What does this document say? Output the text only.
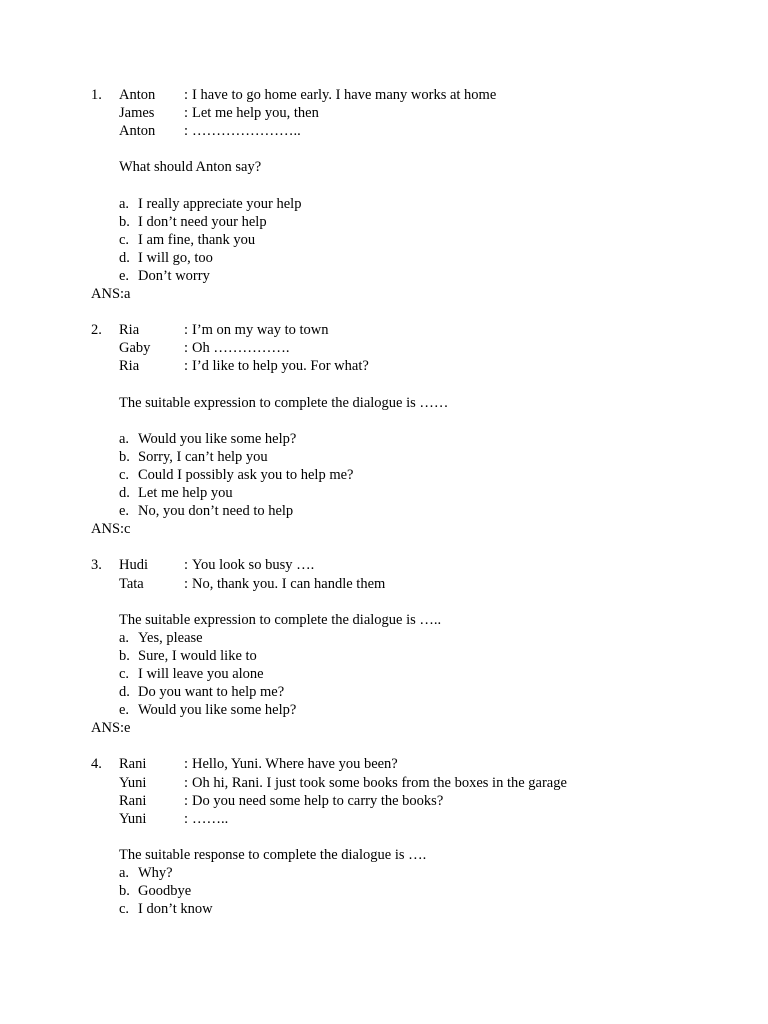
1. Anton : I have to go home early. I have many works at home
James : Let me help you, then
Anton : …………………..
What should Anton say?
a. I really appreciate your help
b. I don’t need your help
c. I am fine, thank you
d. I will go, too
e. Don’t worry
ANS:a
2. Ria	: I’m on my way to town
Gaby : Oh …………….
Ria	: I’d like to help you. For what?
The suitable expression to complete the dialogue is ……
a. Would you like some help?
b. Sorry, I can’t help you
c. Could I possibly ask you to help me?
d. Let me help you
e. No, you don’t need to help
ANS:c
3. Hudi : You look so busy ….
Tata	: No, thank you. I can handle them
The suitable expression to complete the dialogue is …..
a. Yes, please
b. Sure, I would like to
c. I will leave you alone
d. Do you want to help me?
e. Would you like some help?
ANS:e
4. Rani	: Hello, Yuni. Where have you been?
Yuni	: Oh hi, Rani. I just took some books from the boxes in the garage
Rani	: Do you need some help to carry the books?
Yuni	: ……..
The suitable response to complete the dialogue is ….
a. Why?
b. Goodbye
c. I don’t know
